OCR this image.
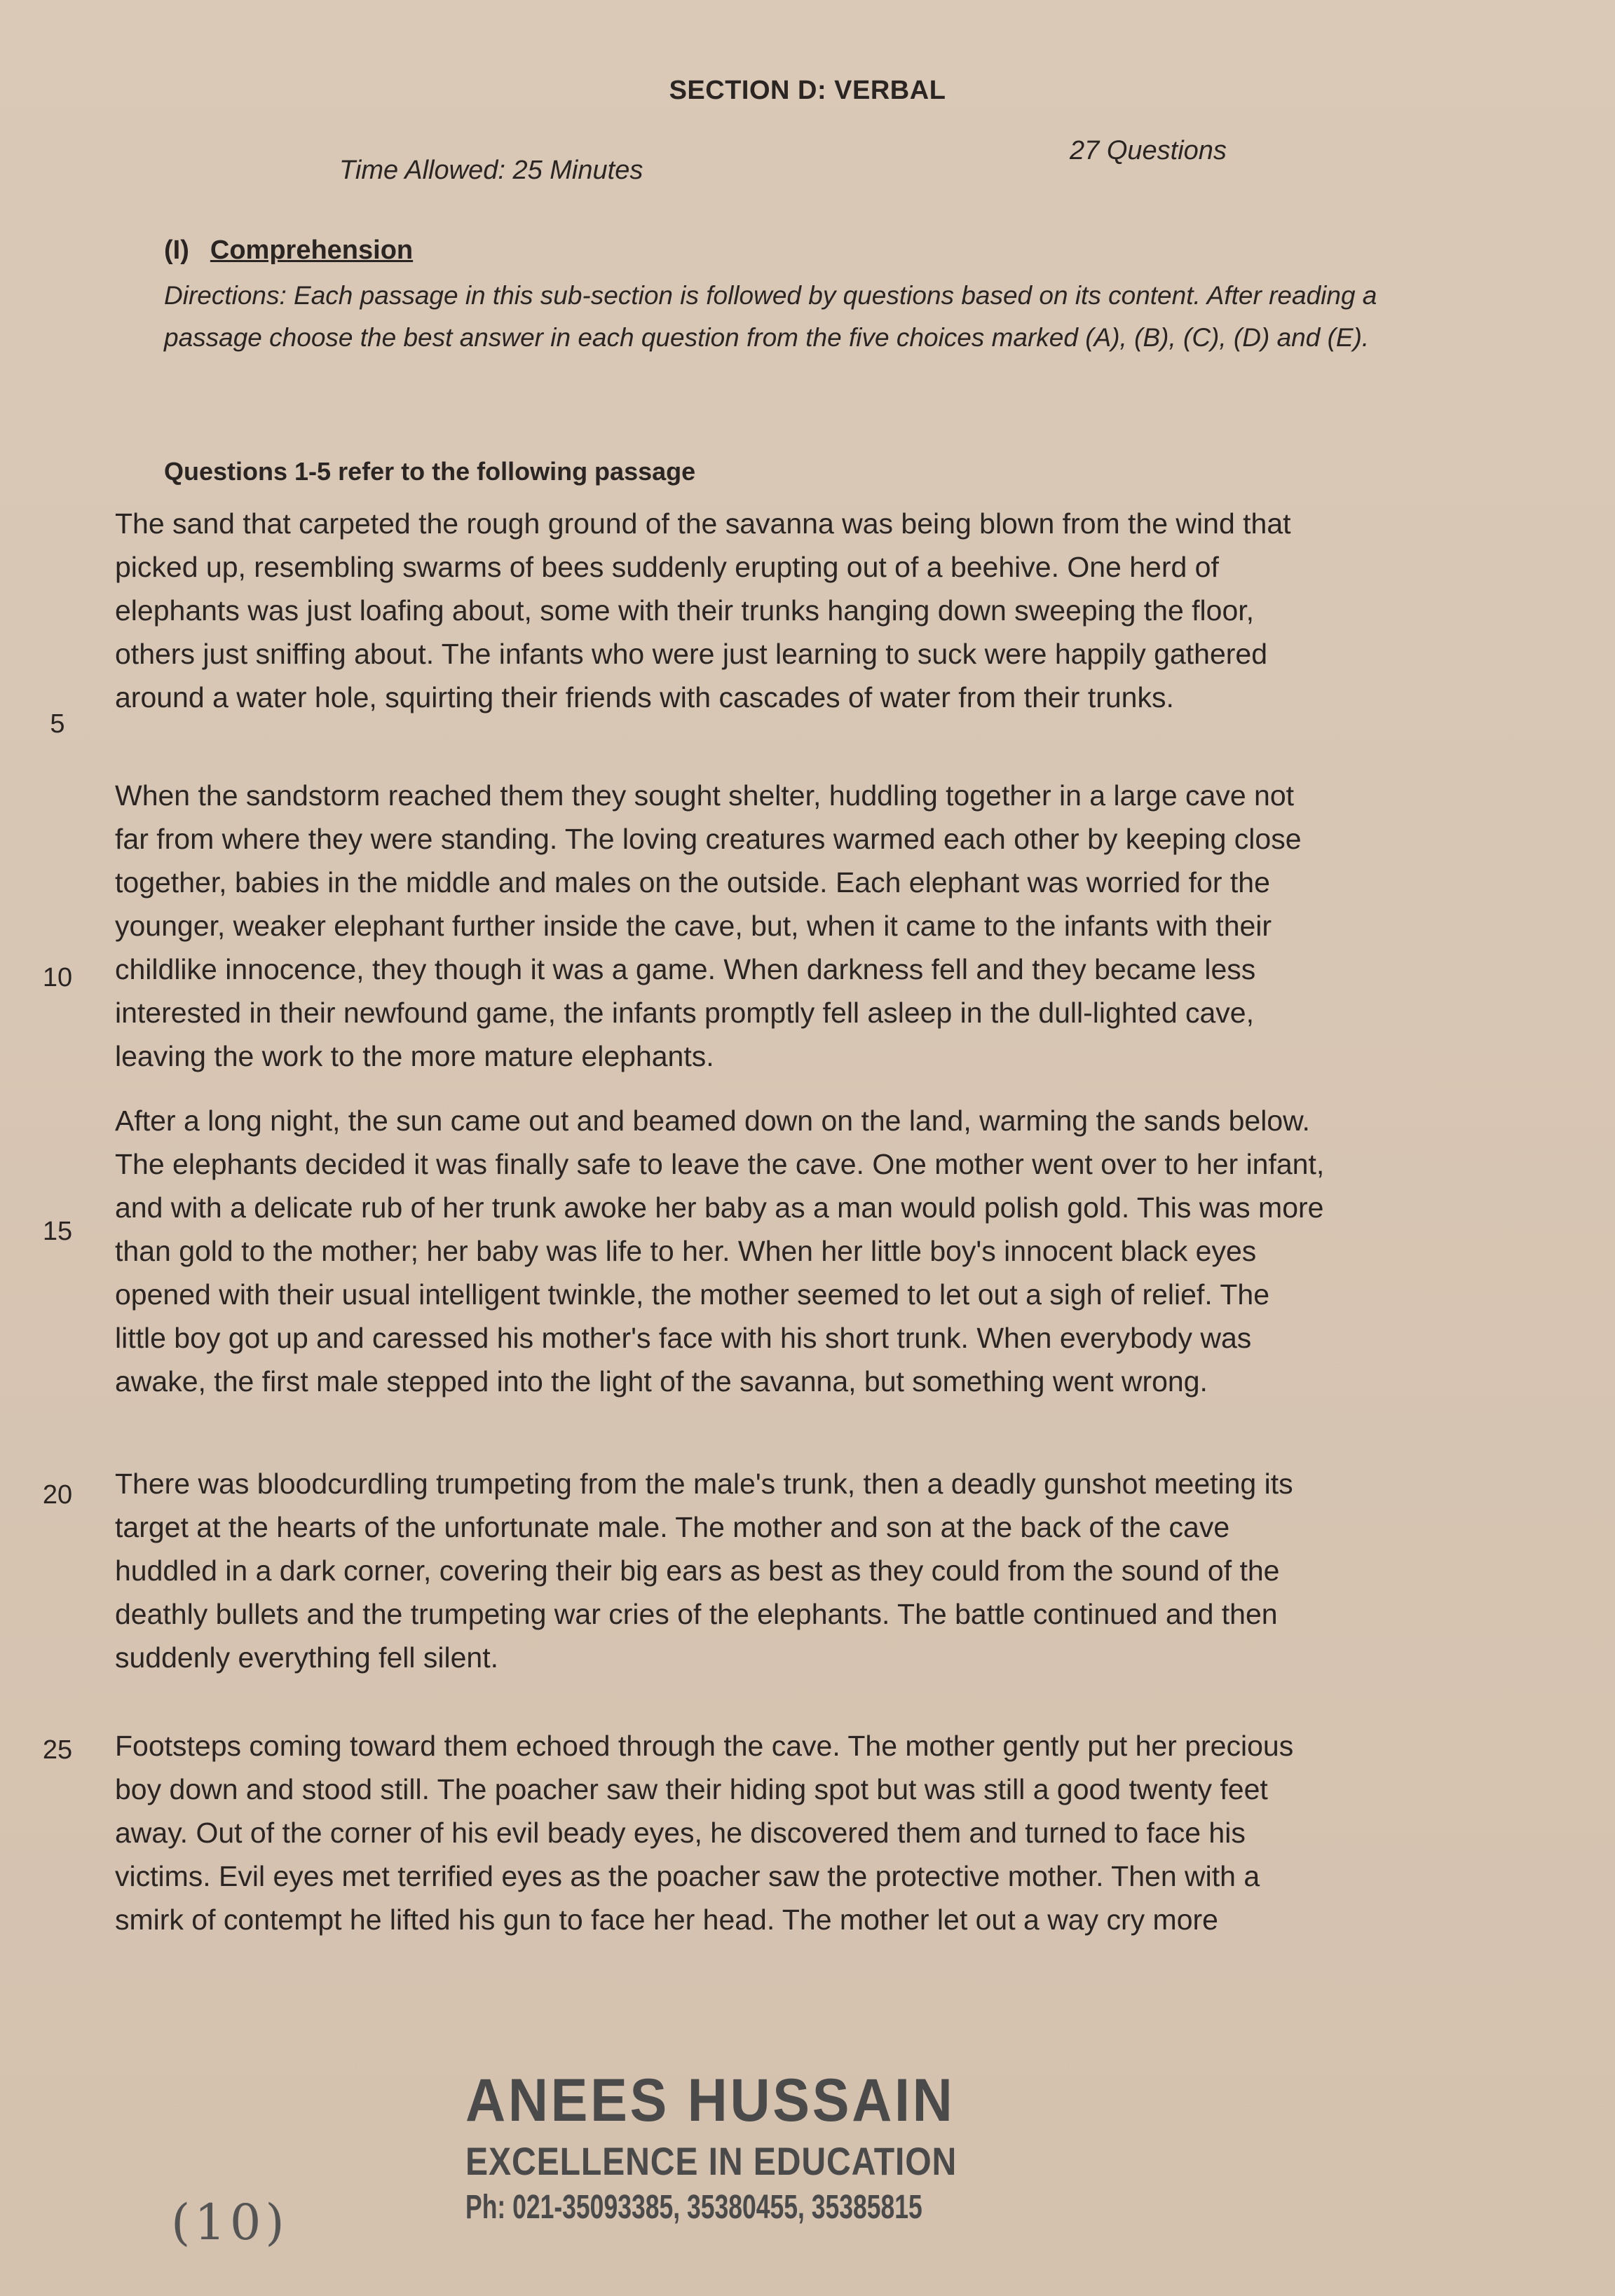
SECTION D: VERBAL
Time Allowed: 25 Minutes
27 Questions
(I) Comprehension
Directions: Each passage in this sub-section is followed by questions based on its content. After reading a passage choose the best answer in each question from the five choices marked (A), (B), (C), (D) and (E).
Questions 1-5 refer to the following passage
The sand that carpeted the rough ground of the savanna was being blown from the wind that
picked up, resembling swarms of bees suddenly erupting out of a beehive. One herd of
elephants was just loafing about, some with their trunks hanging down sweeping the floor,
others just sniffing about. The infants who were just learning to suck were happily gathered
around a water hole, squirting their friends with cascades of water from their trunks.
When the sandstorm reached them they sought shelter, huddling together in a large cave not
far from where they were standing. The loving creatures warmed each other by keeping close
together, babies in the middle and males on the outside. Each elephant was worried for the
younger, weaker elephant further inside the cave, but, when it came to the infants with their
childlike innocence, they though it was a game. When darkness fell and they became less
interested in their newfound game, the infants promptly fell asleep in the dull-lighted cave,
leaving the work to the more mature elephants.
After a long night, the sun came out and beamed down on the land, warming the sands below.
The elephants decided it was finally safe to leave the cave. One mother went over to her infant,
and with a delicate rub of her trunk awoke her baby as a man would polish gold. This was more
than gold to the mother; her baby was life to her. When her little boy's innocent black eyes
opened with their usual intelligent twinkle, the mother seemed to let out a sigh of relief. The
little boy got up and caressed his mother's face with his short trunk. When everybody was
awake, the first male stepped into the light of the savanna, but something went wrong.
There was bloodcurdling trumpeting from the male's trunk, then a deadly gunshot meeting its
target at the hearts of the unfortunate male. The mother and son at the back of the cave
huddled in a dark corner, covering their big ears as best as they could from the sound of the
deathly bullets and the trumpeting war cries of the elephants. The battle continued and then
suddenly everything fell silent.
Footsteps coming toward them echoed through the cave. The mother gently put her precious
boy down and stood still. The poacher saw their hiding spot but was still a good twenty feet
away. Out of the corner of his evil beady eyes, he discovered them and turned to face his
victims. Evil eyes met terrified eyes as the poacher saw the protective mother. Then with a
smirk of contempt he lifted his gun to face her head. The mother let out a way cry more
5
10
15
20
25
ANEES HUSSAIN
EXCELLENCE IN EDUCATION
Ph: 021-35093385, 35380455, 35385815
(10)
